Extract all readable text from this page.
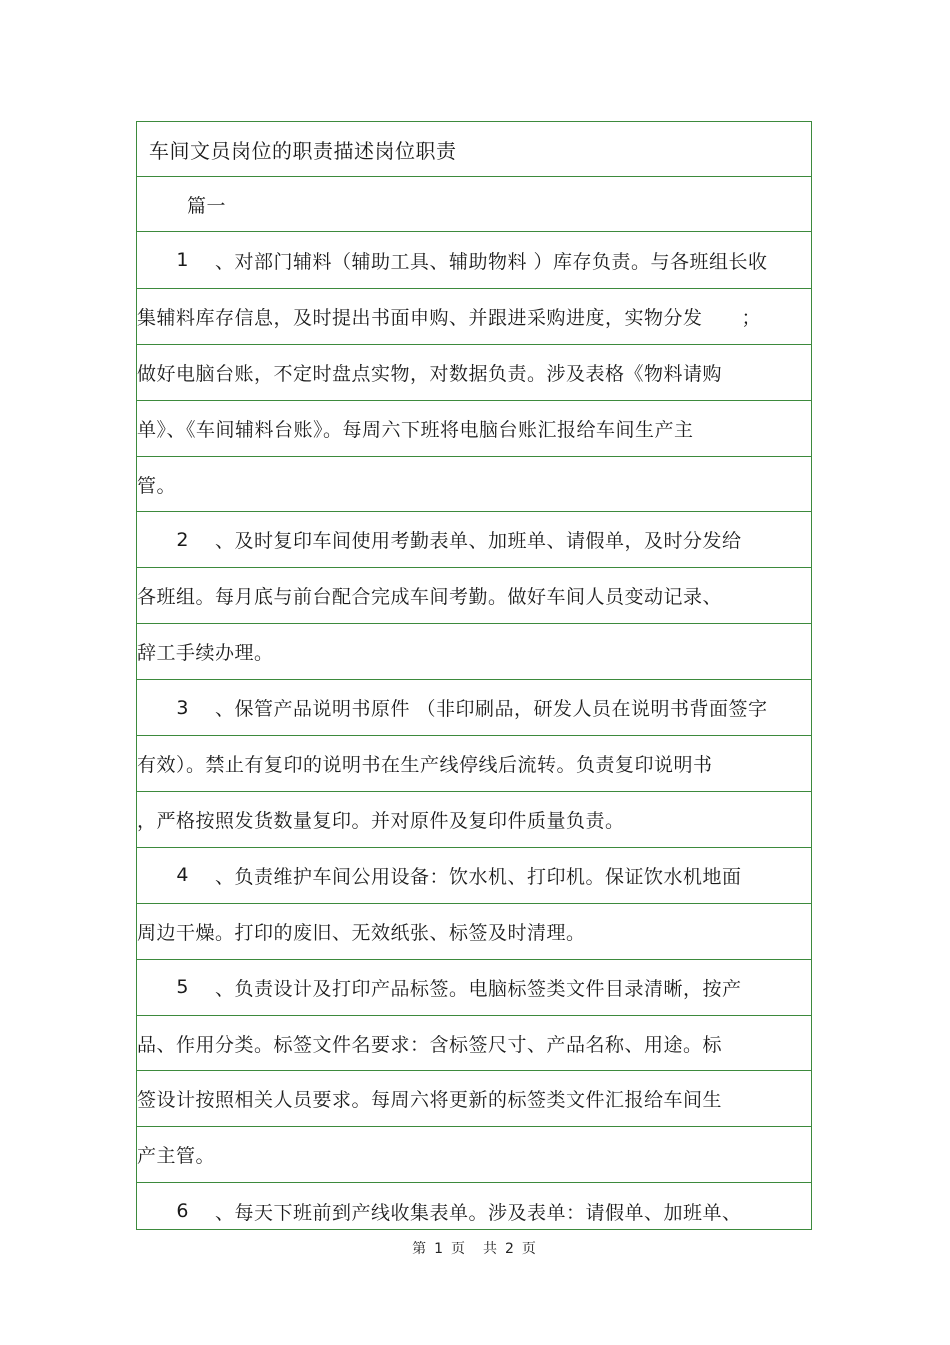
车间文员岗位的职责描述岗位职责
篇一
1	、对部门辅料（辅助工具、辅助物料 ）库存负责。与各班组长收
集辅料库存信息，及时提出书面申购、并跟进采购进度，实物分发　　；
做好电脑台账，不定时盘点实物，对数据负责。涉及表格《物料请购
单》、《车间辅料台账》。每周六下班将电脑台账汇报给车间生产主
管。
2	、及时复印车间使用考勤表单、加班单、请假单，及时分发给
各班组。每月底与前台配合完成车间考勤。做好车间人员变动记录、
辞工手续办理。
3	、保管产品说明书原件 （非印刷品，研发人员在说明书背面签字
有效）。禁止有复印的说明书在生产线停线后流转。负责复印说明书
，严格按照发货数量复印。并对原件及复印件质量负责。
4	、负责维护车间公用设备：饮水机、打印机。保证饮水机地面
周边干燥。打印的废旧、无效纸张、标签及时清理。
5	、负责设计及打印产品标签。电脑标签类文件目录清晰，按产
品、作用分类。标签文件名要求：含标签尺寸、产品名称、用途。标
签设计按照相关人员要求。每周六将更新的标签类文件汇报给车间生
产主管。
6	、每天下班前到产线收集表单。涉及表单：请假单、加班单、
第 1 页　共 2 页
